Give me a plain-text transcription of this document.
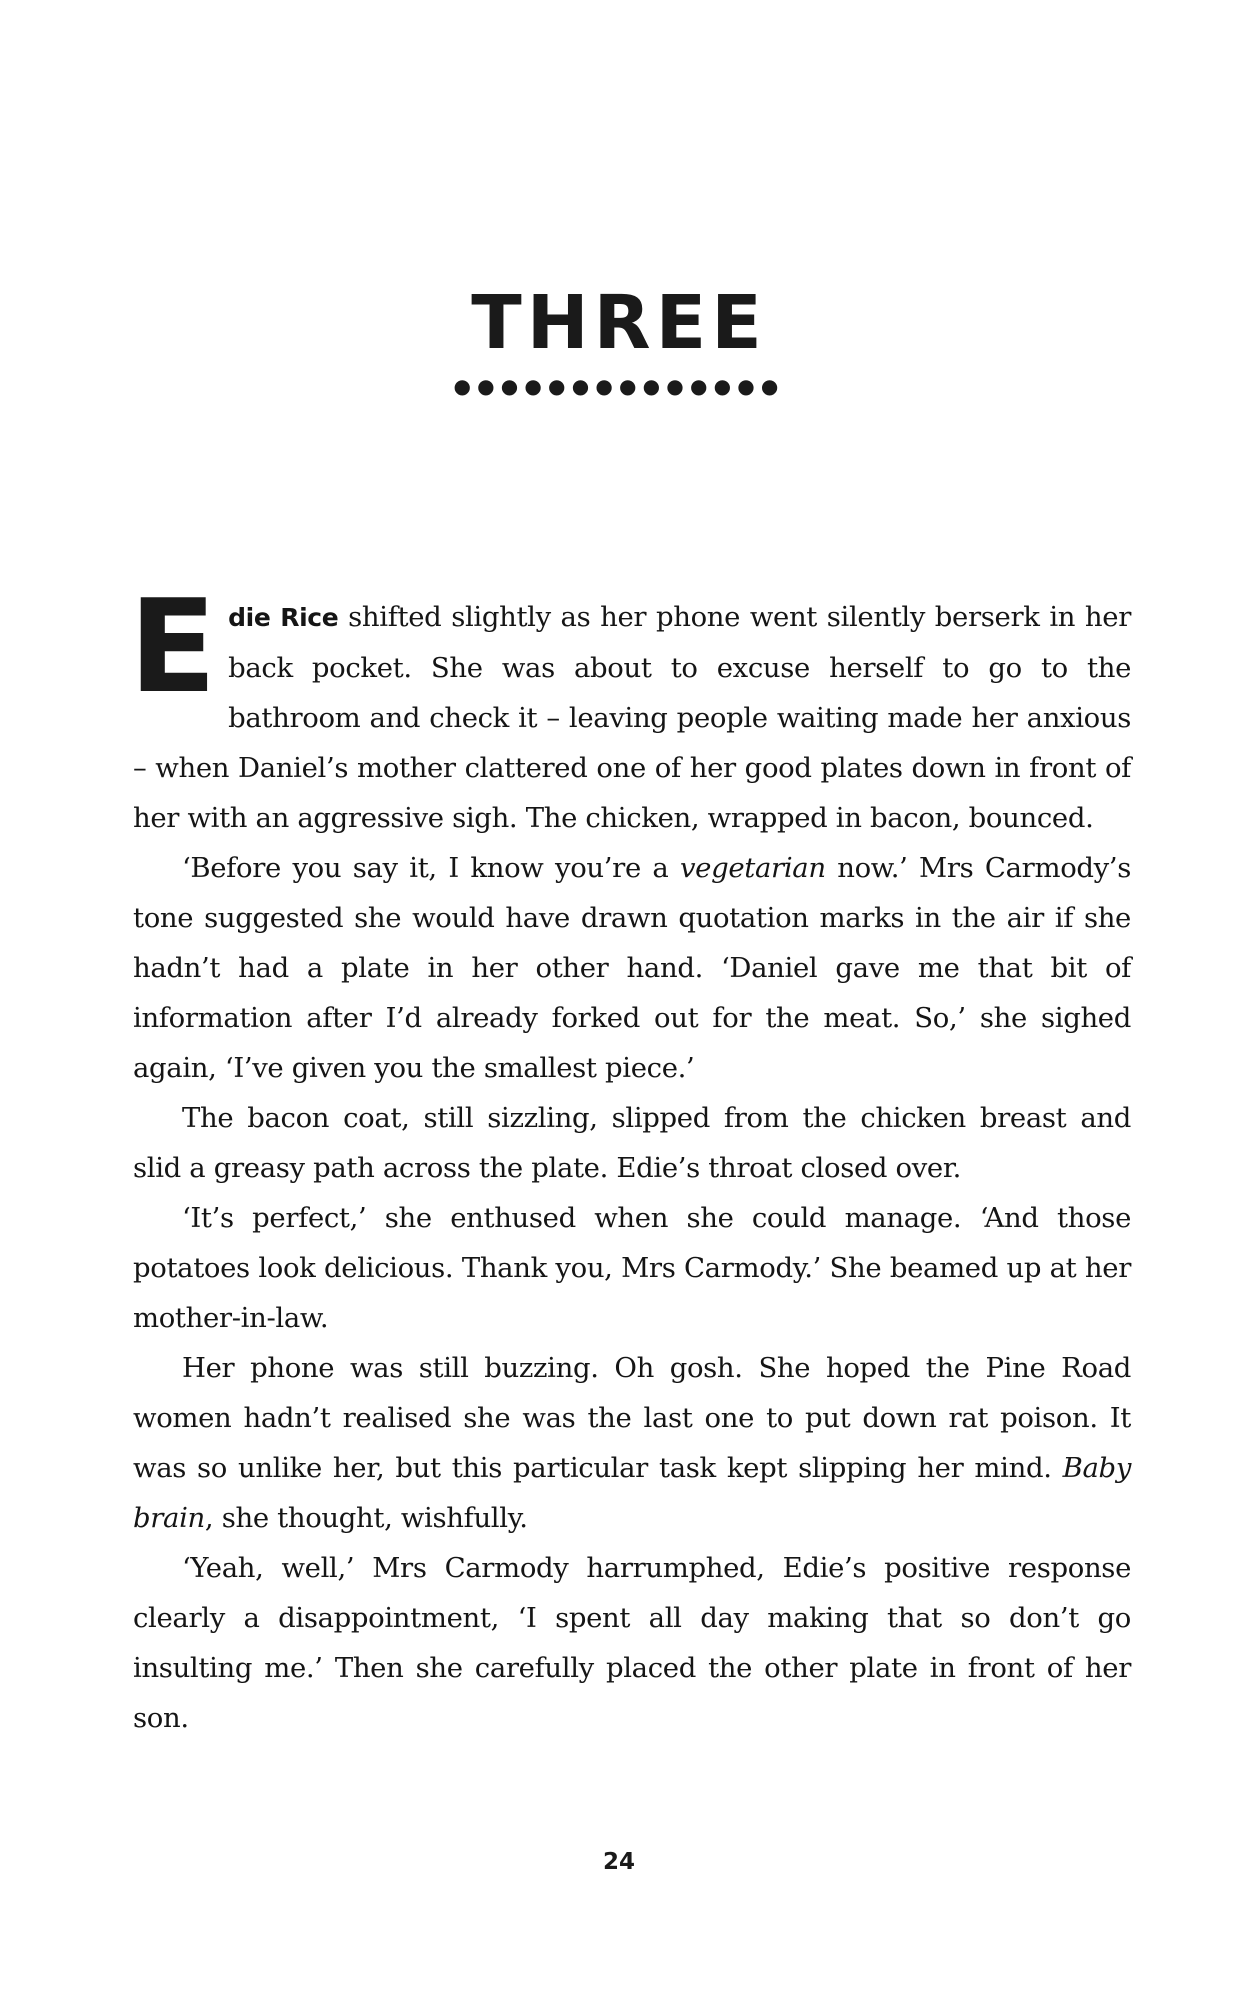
THREE
●●●●●●●●●●●●●●

Edie Rice shifted slightly as her phone went silently berserk in her back pocket. She was about to excuse herself to go to the bathroom and check it – leaving people waiting made her anxious – when Daniel’s mother clattered one of her good plates down in front of her with an aggressive sigh. The chicken, wrapped in bacon, bounced.

‘Before you say it, I know you’re a vegetarian now.’ Mrs Carmody’s tone suggested she would have drawn quotation marks in the air if she hadn’t had a plate in her other hand. ‘Daniel gave me that bit of information after I’d already forked out for the meat. So,’ she sighed again, ‘I’ve given you the smallest piece.’

The bacon coat, still sizzling, slipped from the chicken breast and slid a greasy path across the plate. Edie’s throat closed over.

‘It’s perfect,’ she enthused when she could manage. ‘And those potatoes look delicious. Thank you, Mrs Carmody.’ She beamed up at her mother-in-law.

Her phone was still buzzing. Oh gosh. She hoped the Pine Road women hadn’t realised she was the last one to put down rat poison. It was so unlike her, but this particular task kept slipping her mind. Baby brain, she thought, wishfully.

‘Yeah, well,’ Mrs Carmody harrumphed, Edie’s positive response clearly a disappointment, ‘I spent all day making that so don’t go insulting me.’ Then she carefully placed the other plate in front of her son.

24
